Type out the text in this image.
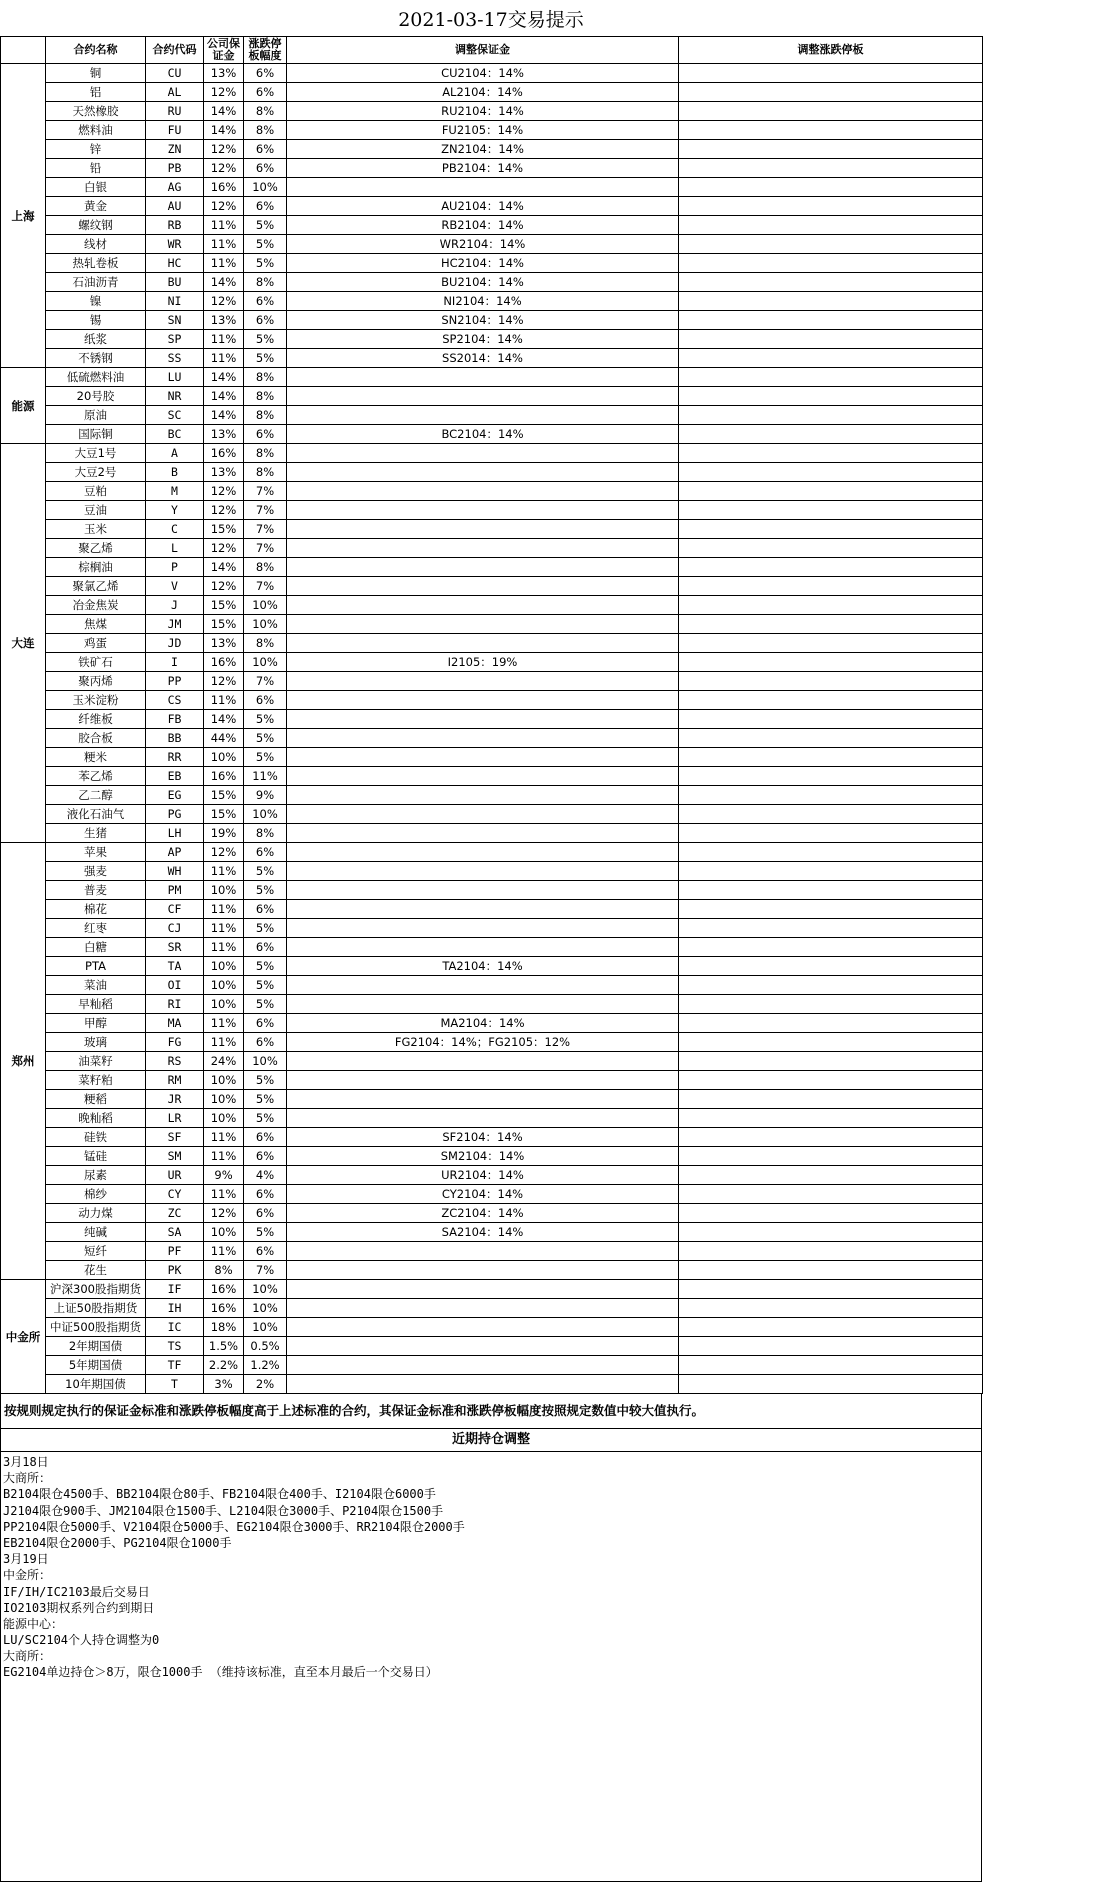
2021-03-17交易提示
	合约名称	合约代码	公司保证金	涨跌停板幅度	调整保证金	调整涨跌停板
上海	铜	CU	13%	6%	CU2104：14%	
	铝	AL	12%	6%	AL2104：14%	
	天然橡胶	RU	14%	8%	RU2104：14%	
	燃料油	FU	14%	8%	FU2105：14%	
	锌	ZN	12%	6%	ZN2104：14%	
	铅	PB	12%	6%	PB2104：14%	
	白银	AG	16%	10%		
	黄金	AU	12%	6%	AU2104：14%	
	螺纹钢	RB	11%	5%	RB2104：14%	
	线材	WR	11%	5%	WR2104：14%	
	热轧卷板	HC	11%	5%	HC2104：14%	
	石油沥青	BU	14%	8%	BU2104：14%	
	镍	NI	12%	6%	NI2104：14%	
	锡	SN	13%	6%	SN2104：14%	
	纸浆	SP	11%	5%	SP2104：14%	
	不锈钢	SS	11%	5%	SS2014：14%	
能源	低硫燃料油	LU	14%	8%		
	20号胶	NR	14%	8%		
	原油	SC	14%	8%		
	国际铜	BC	13%	6%	BC2104：14%	
大连	大豆1号	A	16%	8%		
	大豆2号	B	13%	8%		
	豆粕	M	12%	7%		
	豆油	Y	12%	7%		
	玉米	C	15%	7%		
	聚乙烯	L	12%	7%		
	棕榈油	P	14%	8%		
	聚氯乙烯	V	12%	7%		
	冶金焦炭	J	15%	10%		
	焦煤	JM	15%	10%		
	鸡蛋	JD	13%	8%		
	铁矿石	I	16%	10%	I2105：19%	
	聚丙烯	PP	12%	7%		
	玉米淀粉	CS	11%	6%		
	纤维板	FB	14%	5%		
	胶合板	BB	44%	5%		
	粳米	RR	10%	5%		
	苯乙烯	EB	16%	11%		
	乙二醇	EG	15%	9%		
	液化石油气	PG	15%	10%		
	生猪	LH	19%	8%		
郑州	苹果	AP	12%	6%		
	强麦	WH	11%	5%		
	普麦	PM	10%	5%		
	棉花	CF	11%	6%		
	红枣	CJ	11%	5%		
	白糖	SR	11%	6%		
	PTA	TA	10%	5%	TA2104：14%	
	菜油	OI	10%	5%		
	早籼稻	RI	10%	5%		
	甲醇	MA	11%	6%	MA2104：14%	
	玻璃	FG	11%	6%	FG2104：14%；FG2105：12%	
	油菜籽	RS	24%	10%		
	菜籽粕	RM	10%	5%		
	粳稻	JR	10%	5%		
	晚籼稻	LR	10%	5%		
	硅铁	SF	11%	6%	SF2104：14%	
	锰硅	SM	11%	6%	SM2104：14%	
	尿素	UR	9%	4%	UR2104：14%	
	棉纱	CY	11%	6%	CY2104：14%	
	动力煤	ZC	12%	6%	ZC2104：14%	
	纯碱	SA	10%	5%	SA2104：14%	
	短纤	PF	11%	6%		
	花生	PK	8%	7%		
中金所	沪深300股指期货	IF	16%	10%		
	上证50股指期货	IH	16%	10%		
	中证500股指期货	IC	18%	10%		
	2年期国债	TS	1.5%	0.5%		
	5年期国债	TF	2.2%	1.2%		
	10年期国债	T	3%	2%		
按规则规定执行的保证金标准和涨跌停板幅度高于上述标准的合约，其保证金标准和涨跌停板幅度按照规定数值中较大值执行。
近期持仓调整
3月18日
大商所：
B2104限仓4500手、BB2104限仓80手、FB2104限仓400手、I2104限仓6000手
J2104限仓900手、JM2104限仓1500手、L2104限仓3000手、P2104限仓1500手
PP2104限仓5000手、V2104限仓5000手、EG2104限仓3000手、RR2104限仓2000手
EB2104限仓2000手、PG2104限仓1000手
3月19日
中金所：
IF/IH/IC2103最后交易日
IO2103期权系列合约到期日
能源中心：
LU/SC2104个人持仓调整为0
大商所：
EG2104单边持仓＞8万，限仓1000手 （维持该标准，直至本月最后一个交易日）
